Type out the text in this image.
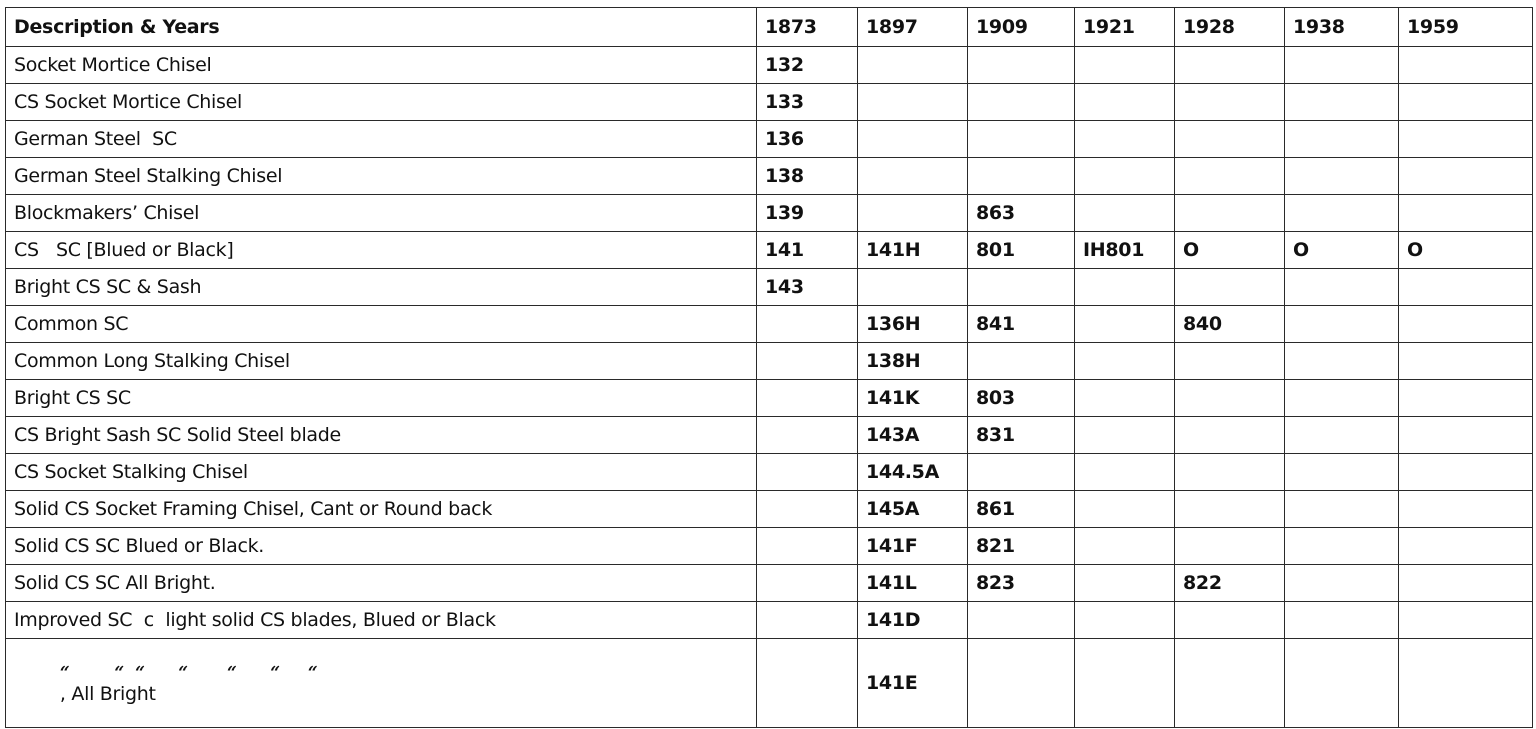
Description & Years	1873	1897	1909	1921	1928	1938	1959
Socket Mortice Chisel	132						
CS Socket Mortice Chisel	133						
German Steel  SC	136						
German Steel Stalking Chisel	138						
Blockmakers’ Chisel	139		863				
CS   SC [Blued or Black]	141	141H	801	IH801	O	O	O
Bright CS SC & Sash	143						
Common SC		136H	841		840		
Common Long Stalking Chisel		138H					
Bright CS SC		141K	803				
CS Bright Sash SC Solid Steel blade		143A	831				
CS Socket Stalking Chisel		144.5A					
Solid CS Socket Framing Chisel, Cant or Round back		145A	861				
Solid CS SC Blued or Black.		141F	821				
Solid CS SC All Bright.		141L	823		822		
Improved SC  c  light solid CS blades, Blued or Black		141D					

“        “  “      “       “      “     “
, All Bright		141E					
